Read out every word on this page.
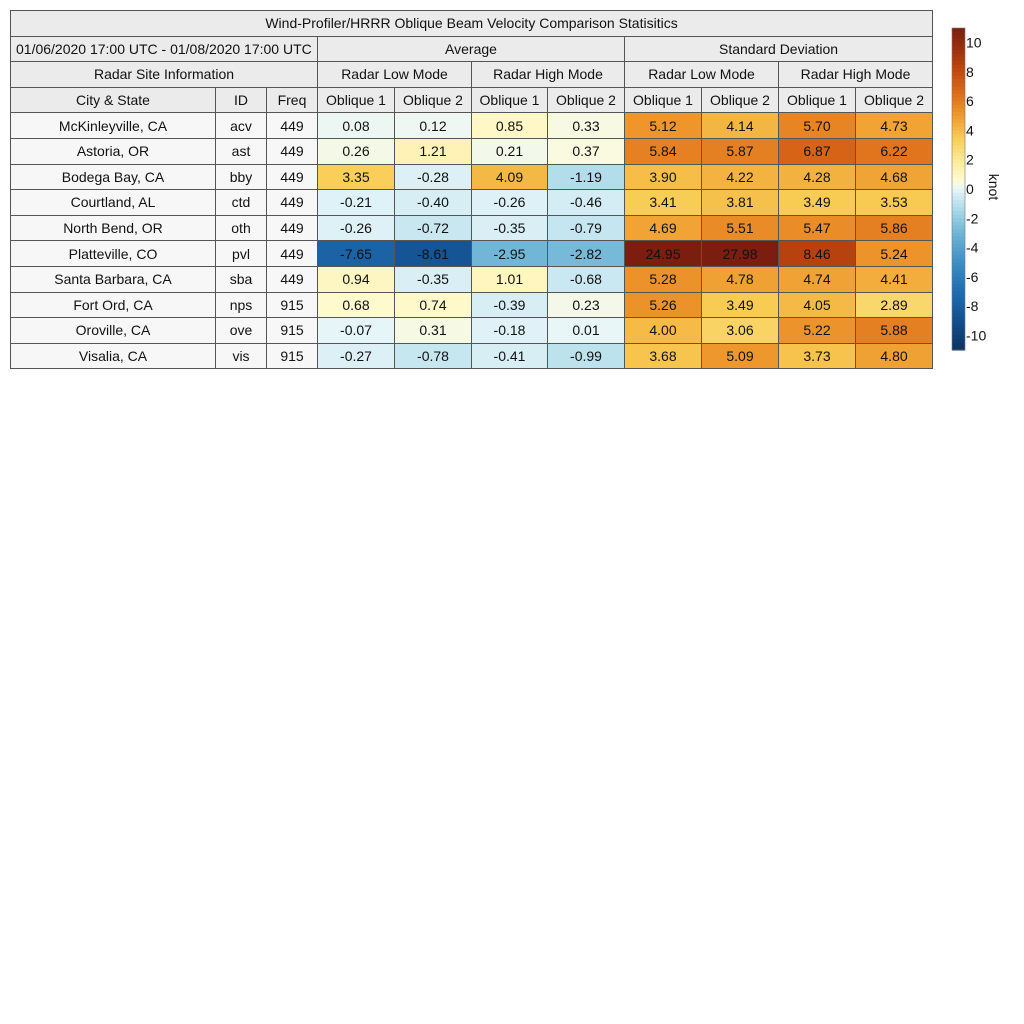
Wind-Profiler/HRRR Oblique Beam Velocity Comparison Statisitics										
01/06/2020 17:00 UTC - 01/08/2020 17:00 UTC			Average				Standard Deviation			
Radar Site Information			Radar Low Mode		Radar High Mode		Radar Low Mode		Radar High Mode	
City & State	ID	Freq	Oblique 1	Oblique 2	Oblique 1	Oblique 2	Oblique 1	Oblique 2	Oblique 1	Oblique 2
McKinleyville, CA	acv	449	0.08	0.12	0.85	0.33	5.12	4.14	5.70	4.73
Astoria, OR	ast	449	0.26	1.21	0.21	0.37	5.84	5.87	6.87	6.22
Bodega Bay, CA	bby	449	3.35	-0.28	4.09	-1.19	3.90	4.22	4.28	4.68
Courtland, AL	ctd	449	-0.21	-0.40	-0.26	-0.46	3.41	3.81	3.49	3.53
North Bend, OR	oth	449	-0.26	-0.72	-0.35	-0.79	4.69	5.51	5.47	5.86
Platteville, CO	pvl	449	-7.65	-8.61	-2.95	-2.82	24.95	27.98	8.46	5.24
Santa Barbara, CA	sba	449	0.94	-0.35	1.01	-0.68	5.28	4.78	4.74	4.41
Fort Ord, CA	nps	915	0.68	0.74	-0.39	0.23	5.26	3.49	4.05	2.89
Oroville, CA	ove	915	-0.07	0.31	-0.18	0.01	4.00	3.06	5.22	5.88
Visalia, CA	vis	915	-0.27	-0.78	-0.41	-0.99	3.68	5.09	3.73	4.80
10
8
6
4
2
0
-2
-4
-6
-8
-10
knot
